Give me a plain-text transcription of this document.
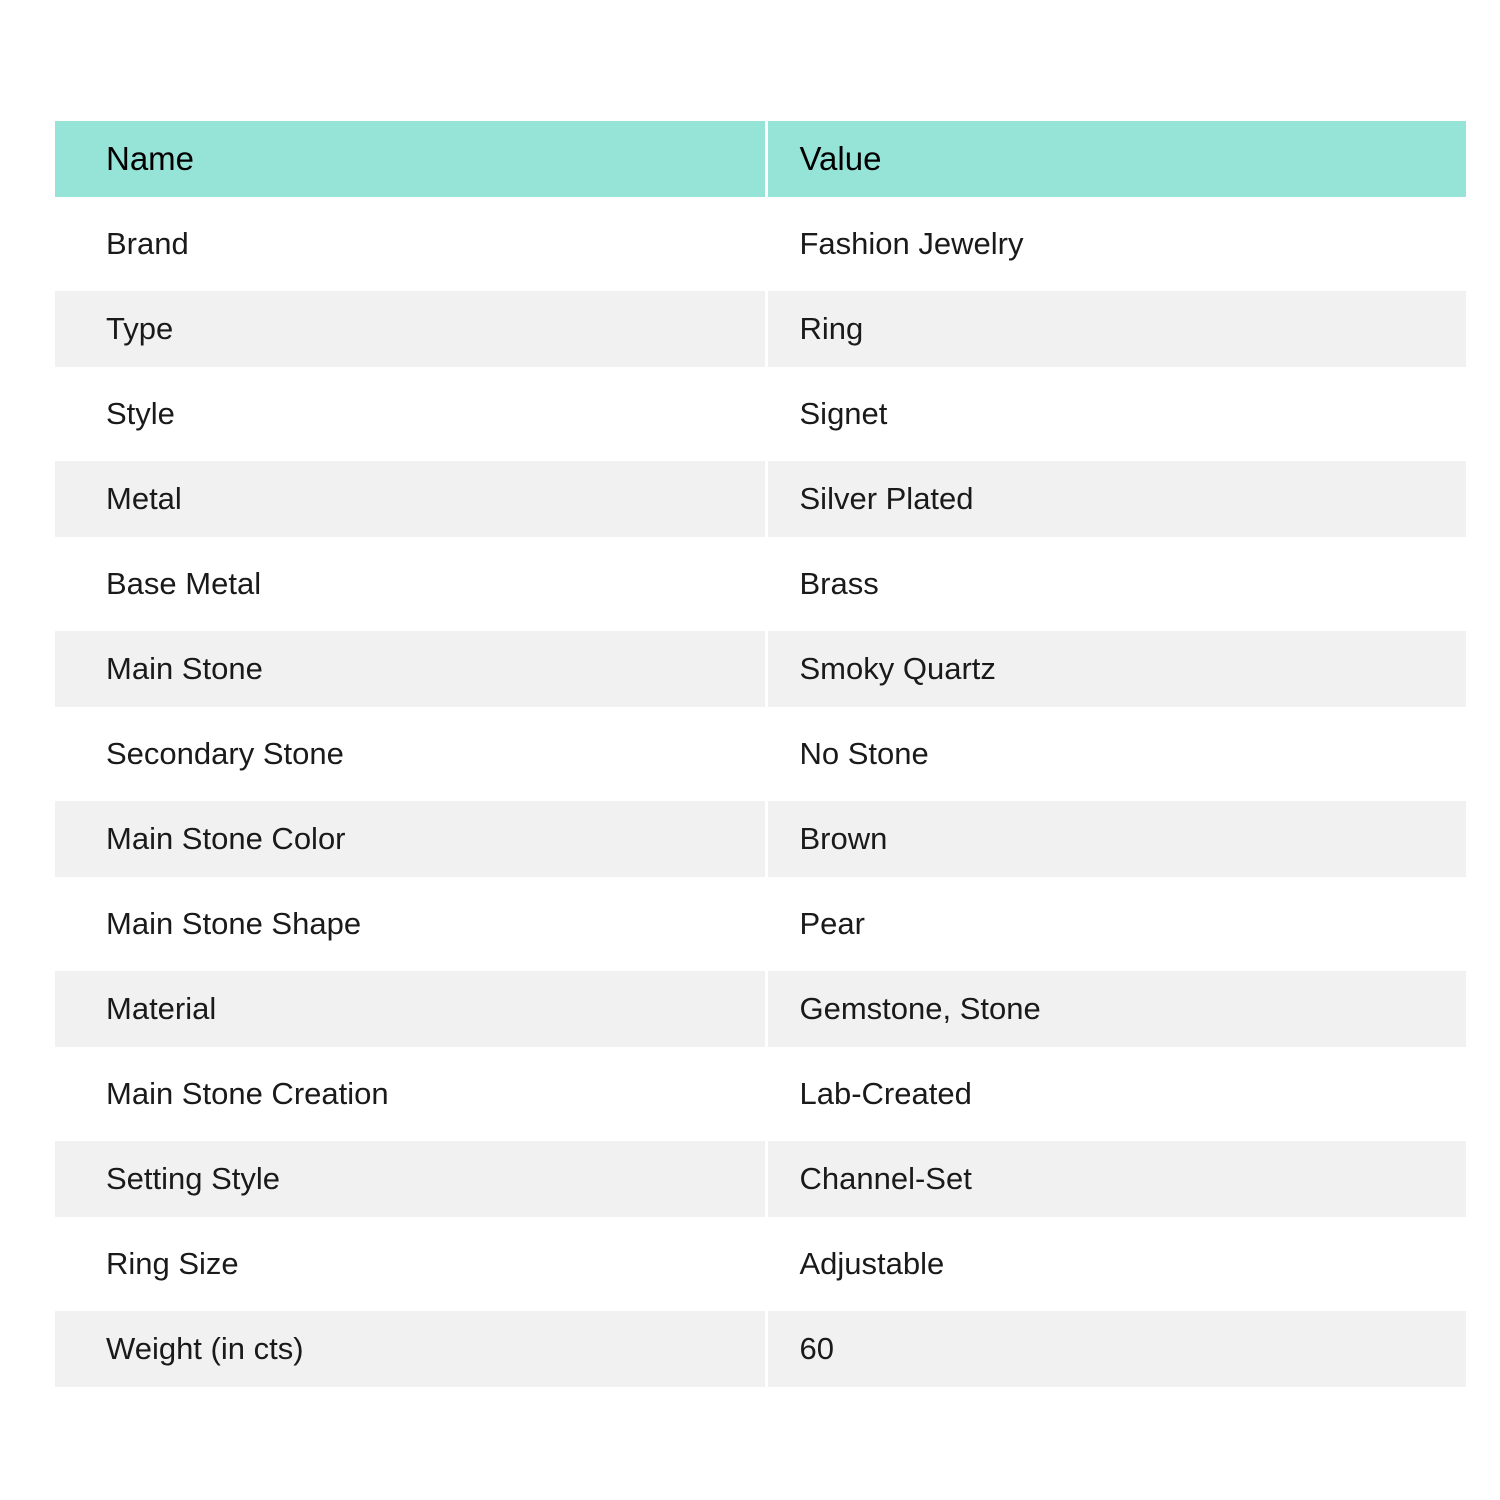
Name	Value
Brand	Fashion Jewelry
Type	Ring
Style	Signet
Metal	Silver Plated
Base Metal	Brass
Main Stone	Smoky Quartz
Secondary Stone	No Stone
Main Stone Color	Brown
Main Stone Shape	Pear
Material	Gemstone, Stone
Main Stone Creation	Lab-Created
Setting Style	Channel-Set
Ring Size	Adjustable
Weight (in cts)	60
